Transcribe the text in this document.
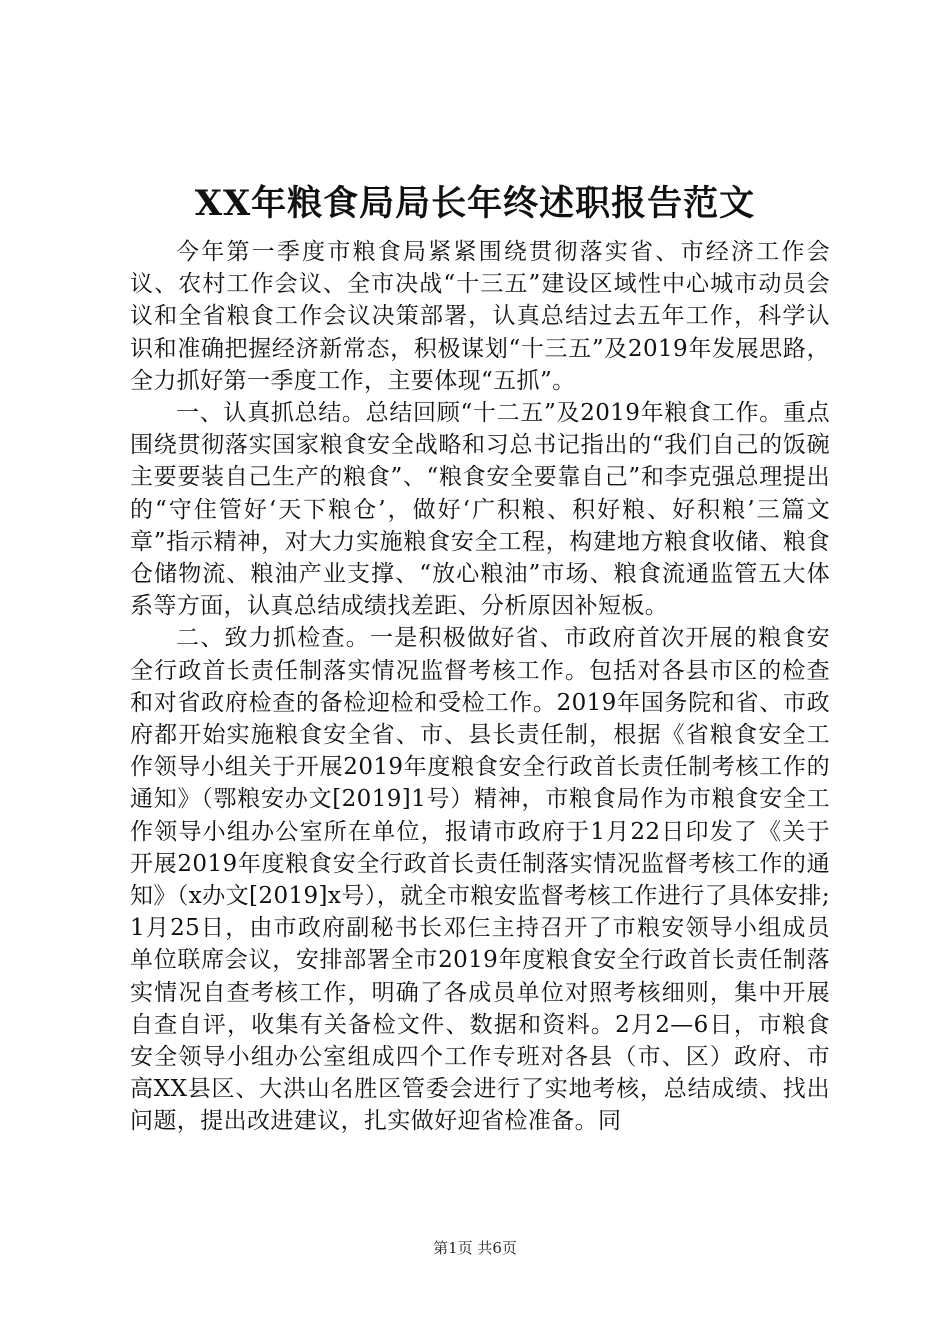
XX年粮食局局长年终述职报告范文

今年第一季度市粮食局紧紧围绕贯彻落实省、市经济工作会议、农村工作会议、全市决战“十三五”建设区域性中心城市动员会议和全省粮食工作会议决策部署，认真总结过去五年工作，科学认识和准确把握经济新常态，积极谋划“十三五”及2019年发展思路，全力抓好第一季度工作，主要体现“五抓”。

一、认真抓总结。总结回顾“十二五”及2019年粮食工作。重点围绕贯彻落实国家粮食安全战略和习总书记指出的“我们自己的饭碗主要要装自己生产的粮食”、“粮食安全要靠自己”和李克强总理提出的“守住管好‘天下粮仓’，做好‘广积粮、积好粮、好积粮’三篇文章”指示精神，对大力实施粮食安全工程，构建地方粮食收储、粮食仓储物流、粮油产业支撑、“放心粮油”市场、粮食流通监管五大体系等方面，认真总结成绩找差距、分析原因补短板。

二、致力抓检查。一是积极做好省、市政府首次开展的粮食安全行政首长责任制落实情况监督考核工作。包括对各县市区的检查和对省政府检查的备检迎检和受检工作。2019年国务院和省、市政府都开始实施粮食安全省、市、县长责任制，根据《省粮食安全工作领导小组关于开展2019年度粮食安全行政首长责任制考核工作的通知》（鄂粮安办文[2019]1号）精神，市粮食局作为市粮食安全工作领导小组办公室所在单位，报请市政府于1月22日印发了《关于开展2019年度粮食安全行政首长责任制落实情况监督考核工作的通知》（x办文[2019]x号），就全市粮安监督考核工作进行了具体安排;1月25日，由市政府副秘书长邓仨主持召开了市粮安领导小组成员单位联席会议，安排部署全市2019年度粮食安全行政首长责任制落实情况自查考核工作，明确了各成员单位对照考核细则，集中开展自查自评，收集有关备检文件、数据和资料。2月2—6日，市粮食安全领导小组办公室组成四个工作专班对各县（市、区）政府、市高XX县区、大洪山名胜区管委会进行了实地考核，总结成绩、找出问题，提出改进建议，扎实做好迎省检准备。同

第1页 共6页
